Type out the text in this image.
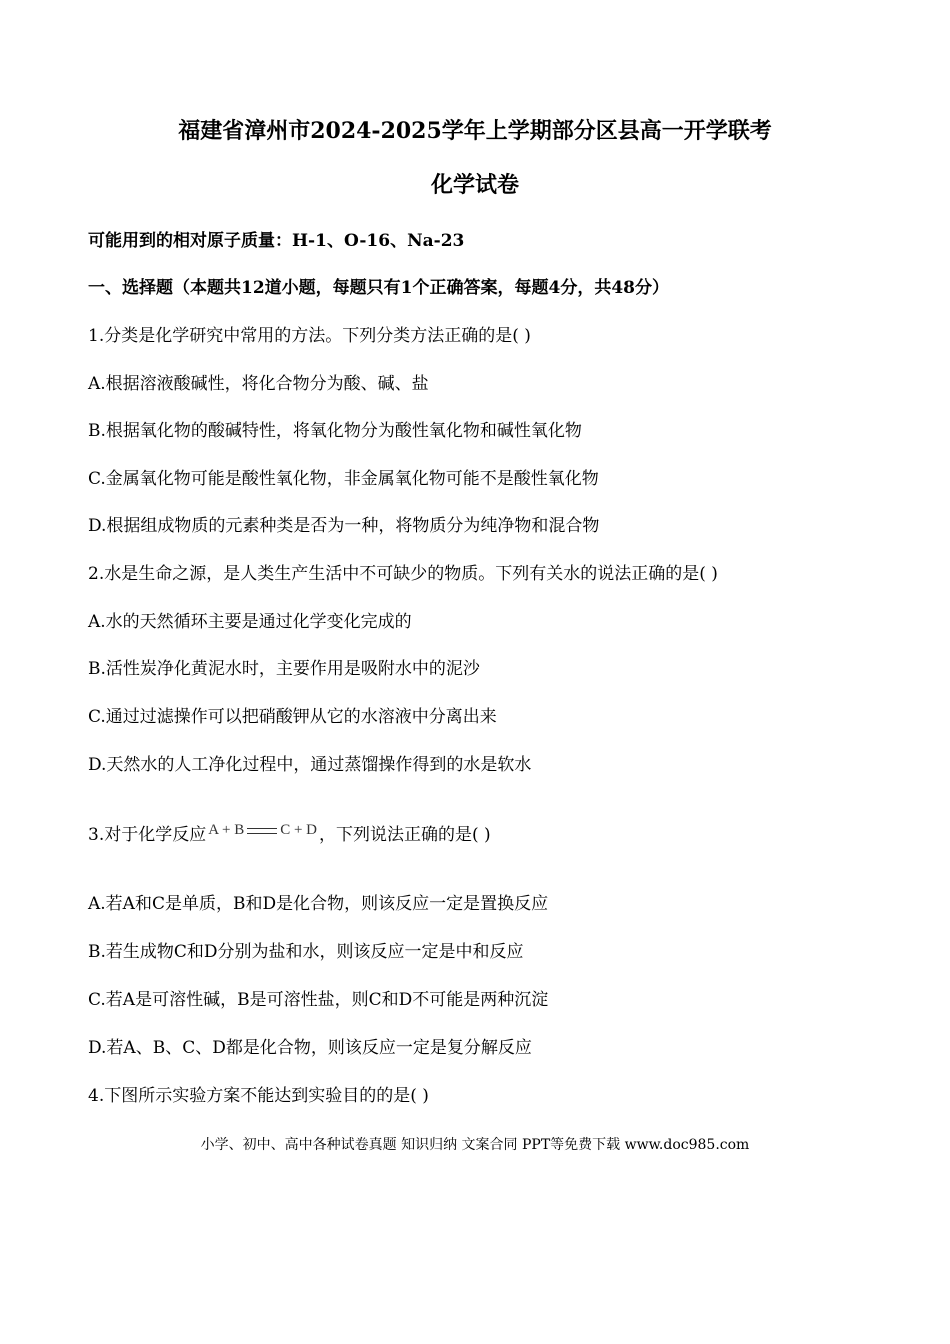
福建省漳州市2024-2025学年上学期部分区县高一开学联考
化学试卷
可能用到的相对原子质量：H-1、O-16、Na-23
一、选择题（本题共12道小题，每题只有1个正确答案，每题4分，共48分）
1.分类是化学研究中常用的方法。下列分类方法正确的是( )
A.根据溶液酸碱性，将化合物分为酸、碱、盐
B.根据氧化物的酸碱特性，将氧化物分为酸性氧化物和碱性氧化物
C.金属氧化物可能是酸性氧化物，非金属氧化物可能不是酸性氧化物
D.根据组成物质的元素种类是否为一种，将物质分为纯净物和混合物
2.水是生命之源，是人类生产生活中不可缺少的物质。下列有关水的说法正确的是( )
A.水的天然循环主要是通过化学变化完成的
B.活性炭净化黄泥水时，主要作用是吸附水中的泥沙
C.通过过滤操作可以把硝酸钾从它的水溶液中分离出来
D.天然水的人工净化过程中，通过蒸馏操作得到的水是软水
3.对于化学反应 A + B C + D ，下列说法正确的是( )
A.若A和C是单质，B和D是化合物，则该反应一定是置换反应
B.若生成物C和D分别为盐和水，则该反应一定是中和反应
C.若A是可溶性碱，B是可溶性盐，则C和D不可能是两种沉淀
D.若A、B、C、D都是化合物，则该反应一定是复分解反应
4.下图所示实验方案不能达到实验目的的是( )
小学、初中、高中各种试卷真题 知识归纳 文案合同 PPT等免费下载 www.doc985.com
